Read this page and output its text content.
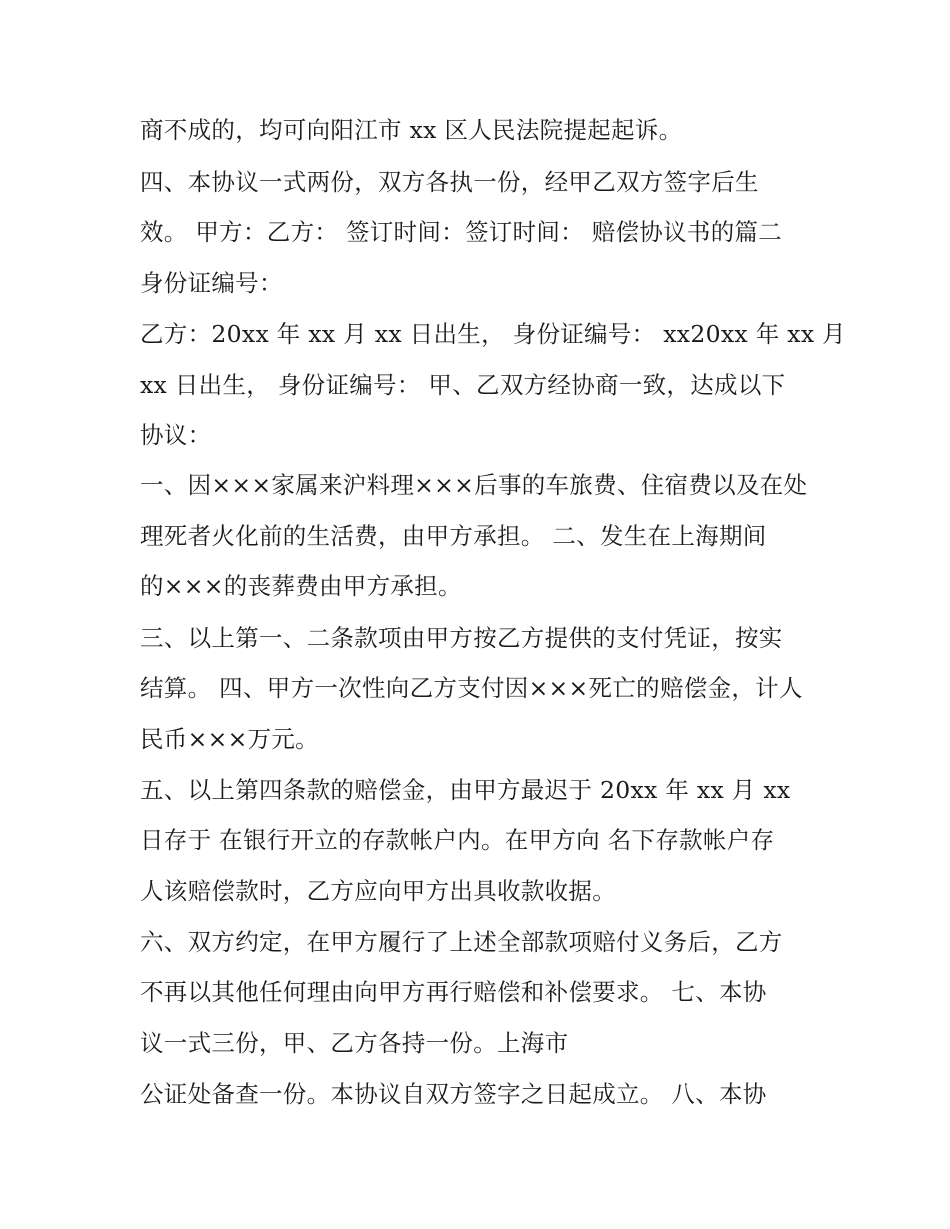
商不成的，均可向阳江市 xx 区人民法院提起起诉。
四、本协议一式两份，双方各执一份，经甲乙双方签字后生
效。 甲方：乙方： 签订时间：签订时间： 赔偿协议书的篇二
身份证编号：
乙方：20xx 年 xx 月 xx 日出生， 身份证编号： xx20xx 年 xx 月
xx 日出生， 身份证编号： 甲、乙双方经协商一致，达成以下
协议：
一、因×××家属来沪料理×××后事的车旅费、住宿费以及在处
理死者火化前的生活费，由甲方承担。 二、发生在上海期间
的×××的丧葬费由甲方承担。
三、以上第一、二条款项由甲方按乙方提供的支付凭证，按实
结算。 四、甲方一次性向乙方支付因×××死亡的赔偿金，计人
民币×××万元。
五、以上第四条款的赔偿金，由甲方最迟于 20xx 年 xx 月 xx
日存于 在银行开立的存款帐户内。在甲方向 名下存款帐户存
人该赔偿款时，乙方应向甲方出具收款收据。
六、双方约定，在甲方履行了上述全部款项赔付义务后，乙方
不再以其他任何理由向甲方再行赔偿和补偿要求。 七、本协
议一式三份，甲、乙方各持一份。上海市
公证处备查一份。本协议自双方签字之日起成立。 八、本协
